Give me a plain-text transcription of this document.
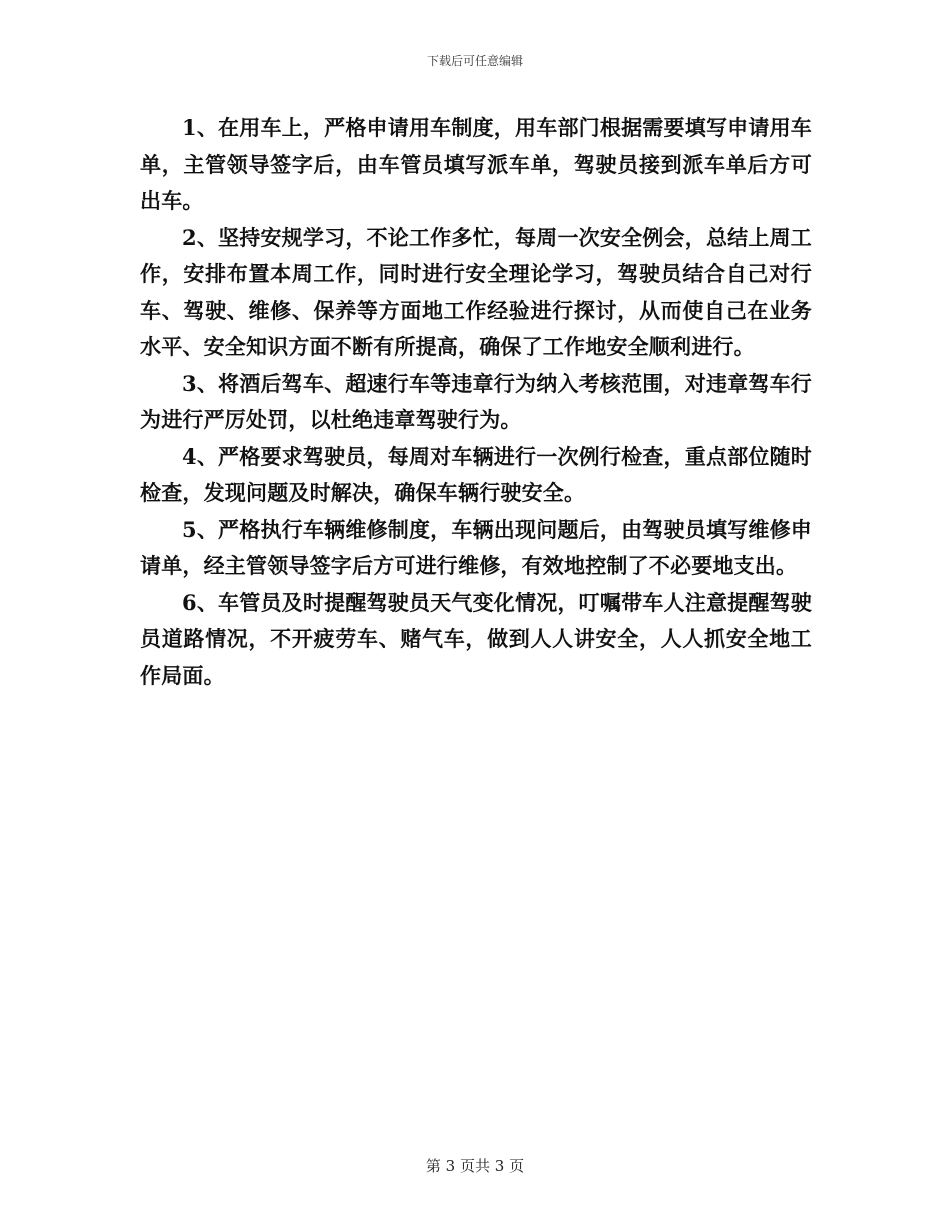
下载后可任意编辑

1、在用车上，严格申请用车制度，用车部门根据需要填写申请用车单，主管领导签字后，由车管员填写派车单，驾驶员接到派车单后方可出车。

2、坚持安规学习，不论工作多忙，每周一次安全例会，总结上周工作，安排布置本周工作，同时进行安全理论学习，驾驶员结合自己对行车、驾驶、维修、保养等方面地工作经验进行探讨，从而使自己在业务水平、安全知识方面不断有所提高，确保了工作地安全顺利进行。

3、将酒后驾车、超速行车等违章行为纳入考核范围，对违章驾车行为进行严厉处罚，以杜绝违章驾驶行为。

4、严格要求驾驶员，每周对车辆进行一次例行检查，重点部位随时检查，发现问题及时解决，确保车辆行驶安全。

5、严格执行车辆维修制度，车辆出现问题后，由驾驶员填写维修申请单，经主管领导签字后方可进行维修，有效地控制了不必要地支出。

6、车管员及时提醒驾驶员天气变化情况，叮嘱带车人注意提醒驾驶员道路情况，不开疲劳车、赌气车，做到人人讲安全，人人抓安全地工作局面。

第 3 页共 3 页
